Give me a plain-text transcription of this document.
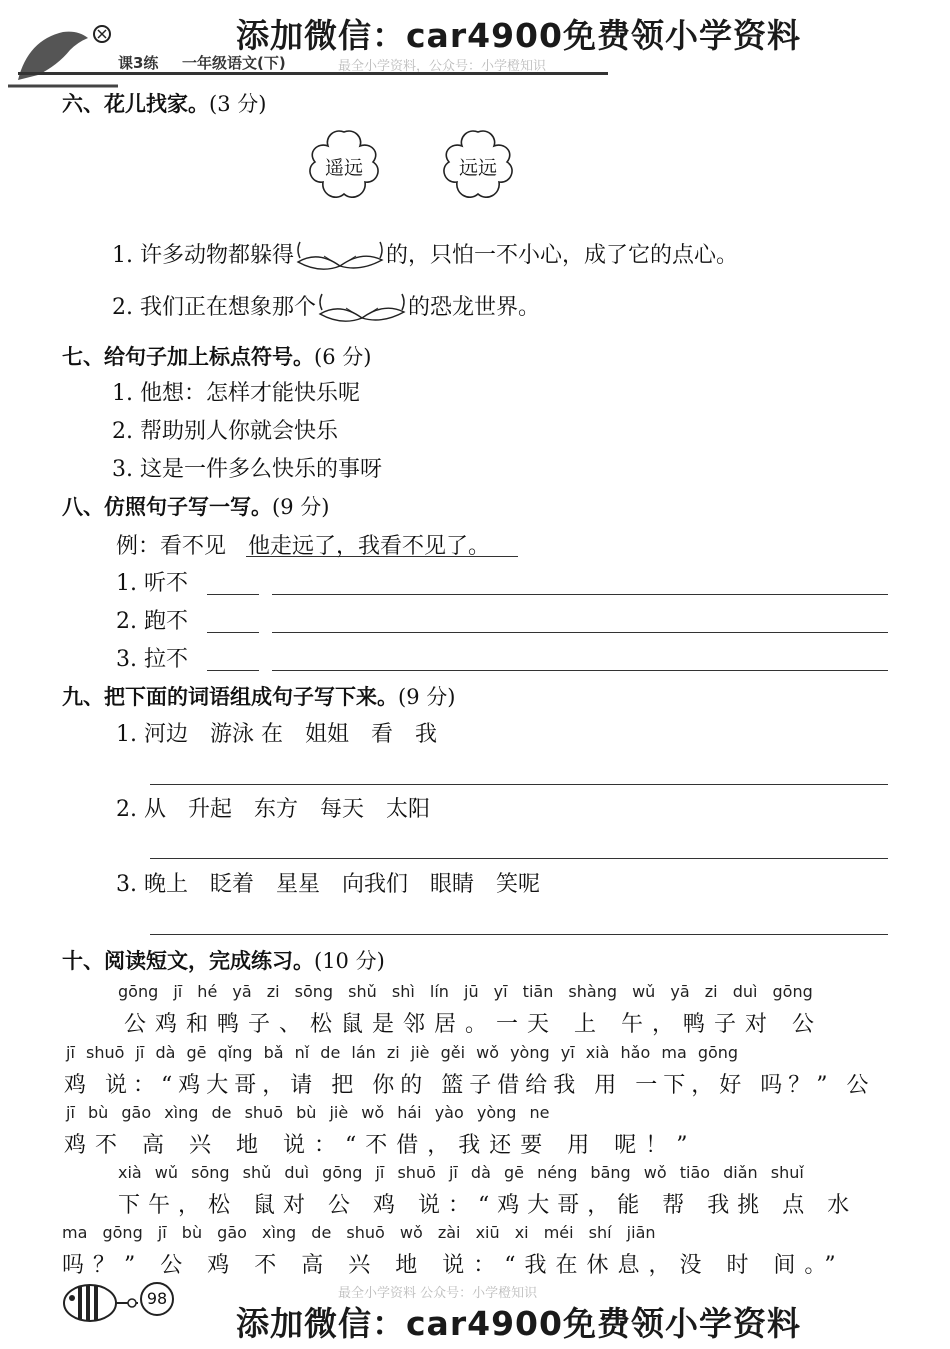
课3练 一年级语文(下)	最全小学资料，公众号：小学橙知识
添加微信：car4900免费领小学资料
六、花儿找家。(3 分)
遥远	远远
1. 许多动物都躲得	的，只怕一不小心，成了它的点心。
2. 我们正在想象那个	的恐龙世界。
七、给句子加上标点符号。(6 分)
1. 他想：怎样才能快乐呢
2. 帮助别人你就会快乐
3. 这是一件多么快乐的事呀
八、仿照句子写一写。(9 分)
例：看不见 他走远了，我看不见了。
1. 听不
2. 跑不
3. 拉不
九、把下面的词语组成句子写下来。(9 分)
1. 河边　游泳 在　姐姐　看　我
2. 从　升起　东方　每天　太阳
3. 晚上　眨着　星星　向我们　眼睛　笑呢
十、阅读短文，完成练习。(10 分)
gōng jī hé yā zi sōng shǔ shì lín jū yī tiān shàng wǔ yā zi duì gōng
公鸡和鸭子、松鼠是邻居。一天 上 午，鸭子对 公
jī shuō jī dà gē qǐng bǎ nǐ de lán zi jiè gěi wǒ yòng yī xià hǎo ma gōng
鸡 说：“鸡大哥，请 把 你的 篮子借给我 用 一下，好 吗？” 公
jī bù gāo xìng de shuō bù jiè wǒ hái yào yòng ne
鸡不 高 兴 地 说：“不借，我还要 用 呢！”
xià wǔ sōng shǔ duì gōng jī shuō jī dà gē néng bāng wǒ tiāo diǎn shuǐ
下午，松 鼠对 公 鸡 说：“鸡大哥，能 帮 我挑 点 水
ma gōng jī bù gāo xìng de shuō wǒ zài xiū xi méi shí jiān
吗？” 公 鸡 不 高 兴 地 说：“我在休息，没 时 间。”
98	最全小学资料 公众号：小学橙知识
添加微信：car4900免费领小学资料
